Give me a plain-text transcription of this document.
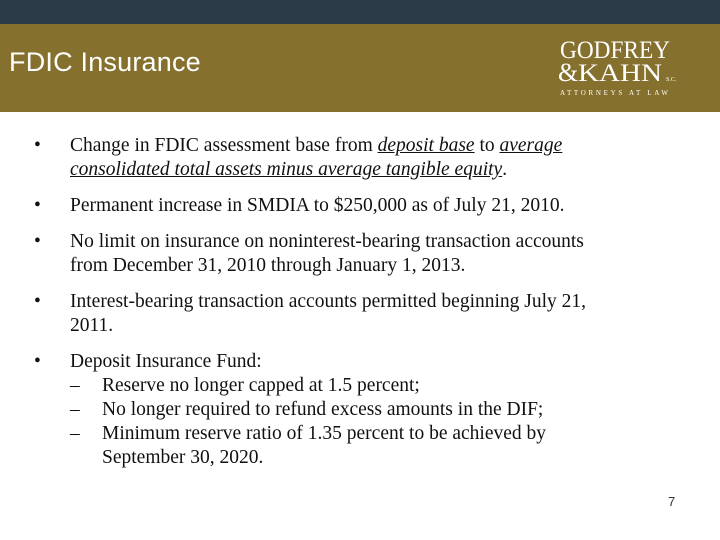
FDIC Insurance	GODFREY
& KAHN S.C.
ATTORNEYS AT LAW
• Change in FDIC assessment base from deposit base to average
consolidated total assets minus average tangible equity.
• Permanent increase in SMDIA to $250,000 as of July 21, 2010.
• No limit on insurance on noninterest-bearing transaction accounts
from December 31, 2010 through January 1, 2013.
• Interest-bearing transaction accounts permitted beginning July 21,
2011.
• Deposit Insurance Fund:
– Reserve no longer capped at 1.5 percent;
– No longer required to refund excess amounts in the DIF;
– Minimum reserve ratio of 1.35 percent to be achieved by
September 30, 2020.
7
